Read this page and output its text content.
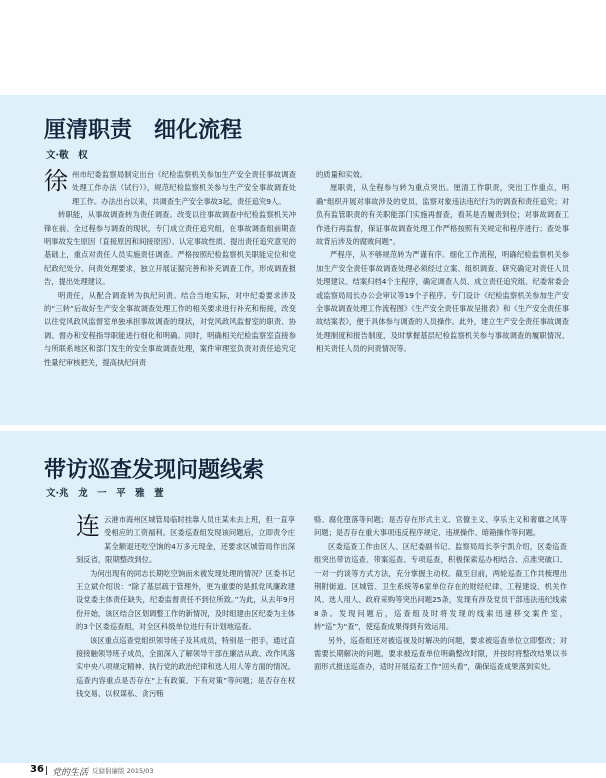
厘清职责　细化流程
文·敬　权

徐州市纪委监察局制定出台《纪检监察机关参加生产安全责任事故调查处理工作办法（试行）》，规范纪检监察机关参与生产安全事故调查处理工作。办法出台以来，共调查生产安全事故3起，责任追究9人。

转职能，从事故调查转为责任调查。改变以往事故调查中纪检监察机关冲锋在前、全过程参与调查的现状，专门成立责任追究组，在事故调查组前期查明事故发生原因（直接原因和间接原因）、认定事故性质、提出责任追究意见的基础上，重点对责任人员实施责任调查。严格按照纪检监察机关职能定位和党纪政纪处分、问责处理要求，独立开展证据完善和补充调查工作，形成调查报告，提出处理建议。

明责任，从配合调查转为执纪问责。结合当地实际，对中纪委要求涉及的“三转”后故好生产安全事故调查处理工作的相关要求进行补充和衔接，改变以往党风政风监督室单独承担事故调查的现状，对党风政风监督室的职责、协调、督办和安程指导职能进行细化和明确。同时，明确相关纪检监察室直接参与所联系地区和部门发生的安全事故调查处理，案件审理室负责对责任追究定性量纪审核把关，提高执纪问责

的质量和实效。

厘职责，从全程参与转为重点突出。厘清工作职责，突出工作重点，明确“组织开展对事故涉及的党员、监察对象违法违纪行为的调查和责任追究；对负有监管职责的有关职能部门实施再督查，看其是否履责到位；对事故调查工作进行再监督，保证事故调查处理工作严格按照有关规定和程序进行；查处事故背后涉及的腐败问题”。

严程序，从不够规范转为严谨有序。细化工作流程，明确纪检监察机关参加生产安全责任事故调查处理必须经过立案、组织调查、研究确定对责任人员处理建议、结案归档4个主程序，确定调查人员、成立责任追究组、纪委常委会或监察局局长办公会审议等19个子程序。专门设计《纪检监察机关参加生产安全事故调查处理工作流程图》《生产安全责任事故呈报表》和《生产安全责任事故结案表》，便于具体参与调查的人员操作。此外，建立生产安全责任事故调查处理制度和报告制度，及时掌握基层纪检监察机关参与事故调查的履职情况、相关责任人员的问责情况等。

带访巡查发现问题线索
文·兆　龙　一　平　雅　萱

连云港市海州区城管局临时挂靠人员庄某未去上班，但一直享受相应的工资福利。区委巡查组发现该问题后，立即责令庄某全额退还吃空饷的4万多元现金，还要求区城管局作出深刻反省，限期整改到位。

为何出现有的同志长期吃空饷而未被发现处理的情况？区委书记王立斌介绍说：“除了基层疏于管理外，更为重要的是抓党风廉政建设党委主体责任缺失，纪委监督责任不到位所致。”为此，从去年9月份开始，该区结合区划调整工作的新情况，及时组建由区纪委为主体的3个区委巡查组，对全区科级单位进行有计划地巡查。

该区重点巡查党组织领导班子及其成员，特别是一把手，通过直接接触领导班子成员，全面深入了解领导干部在廉洁从政、改作风落实中央八项规定精神、执行党的政治纪律和选人用人等方面的情况。巡查内容重点是否存在“上有政策、下有对策”等问题；是否存在权钱交易、以权谋私、贪污贿

赂、腐化堕落等问题；是否存在形式主义、官僚主义、享乐主义和奢靡之风等问题；是否存在重大事项违反程序规定、违规操作、暗箱操作等问题。

区委巡查工作由区人、区纪委副书记、监察局局长李宇凯介绍，区委巡查组突出带访巡查、带案巡查、专项巡查，积极探索巡办相结合、点准突破口、一对一约谈等方式方法，充分掌握主动权。截至目前，两轮巡查工作共梳理出荆附街道、区城管、卫生系统等6家单位存在的财经纪律、工程建设、机关作风、选人用人、政府采购等突出问题25条，发现有涉及党员干部违法违纪线索8条。发现问题后，巡查组及时将发现的线索迅速移交案件室，转“巡”为“查”，使巡查成果得到有效运用。

另外，巡查组还对被巡视及时解决的问题，要求被巡查单位立即整改；对需要长期解决的问题，要求被巡查单位明确整改时限，并按时将整改结果以书面形式报送巡查办，适时开展巡查工作“回头看”，确保巡查成果落到实处。

36 党的生活 反腐倡廉版 2015/03
